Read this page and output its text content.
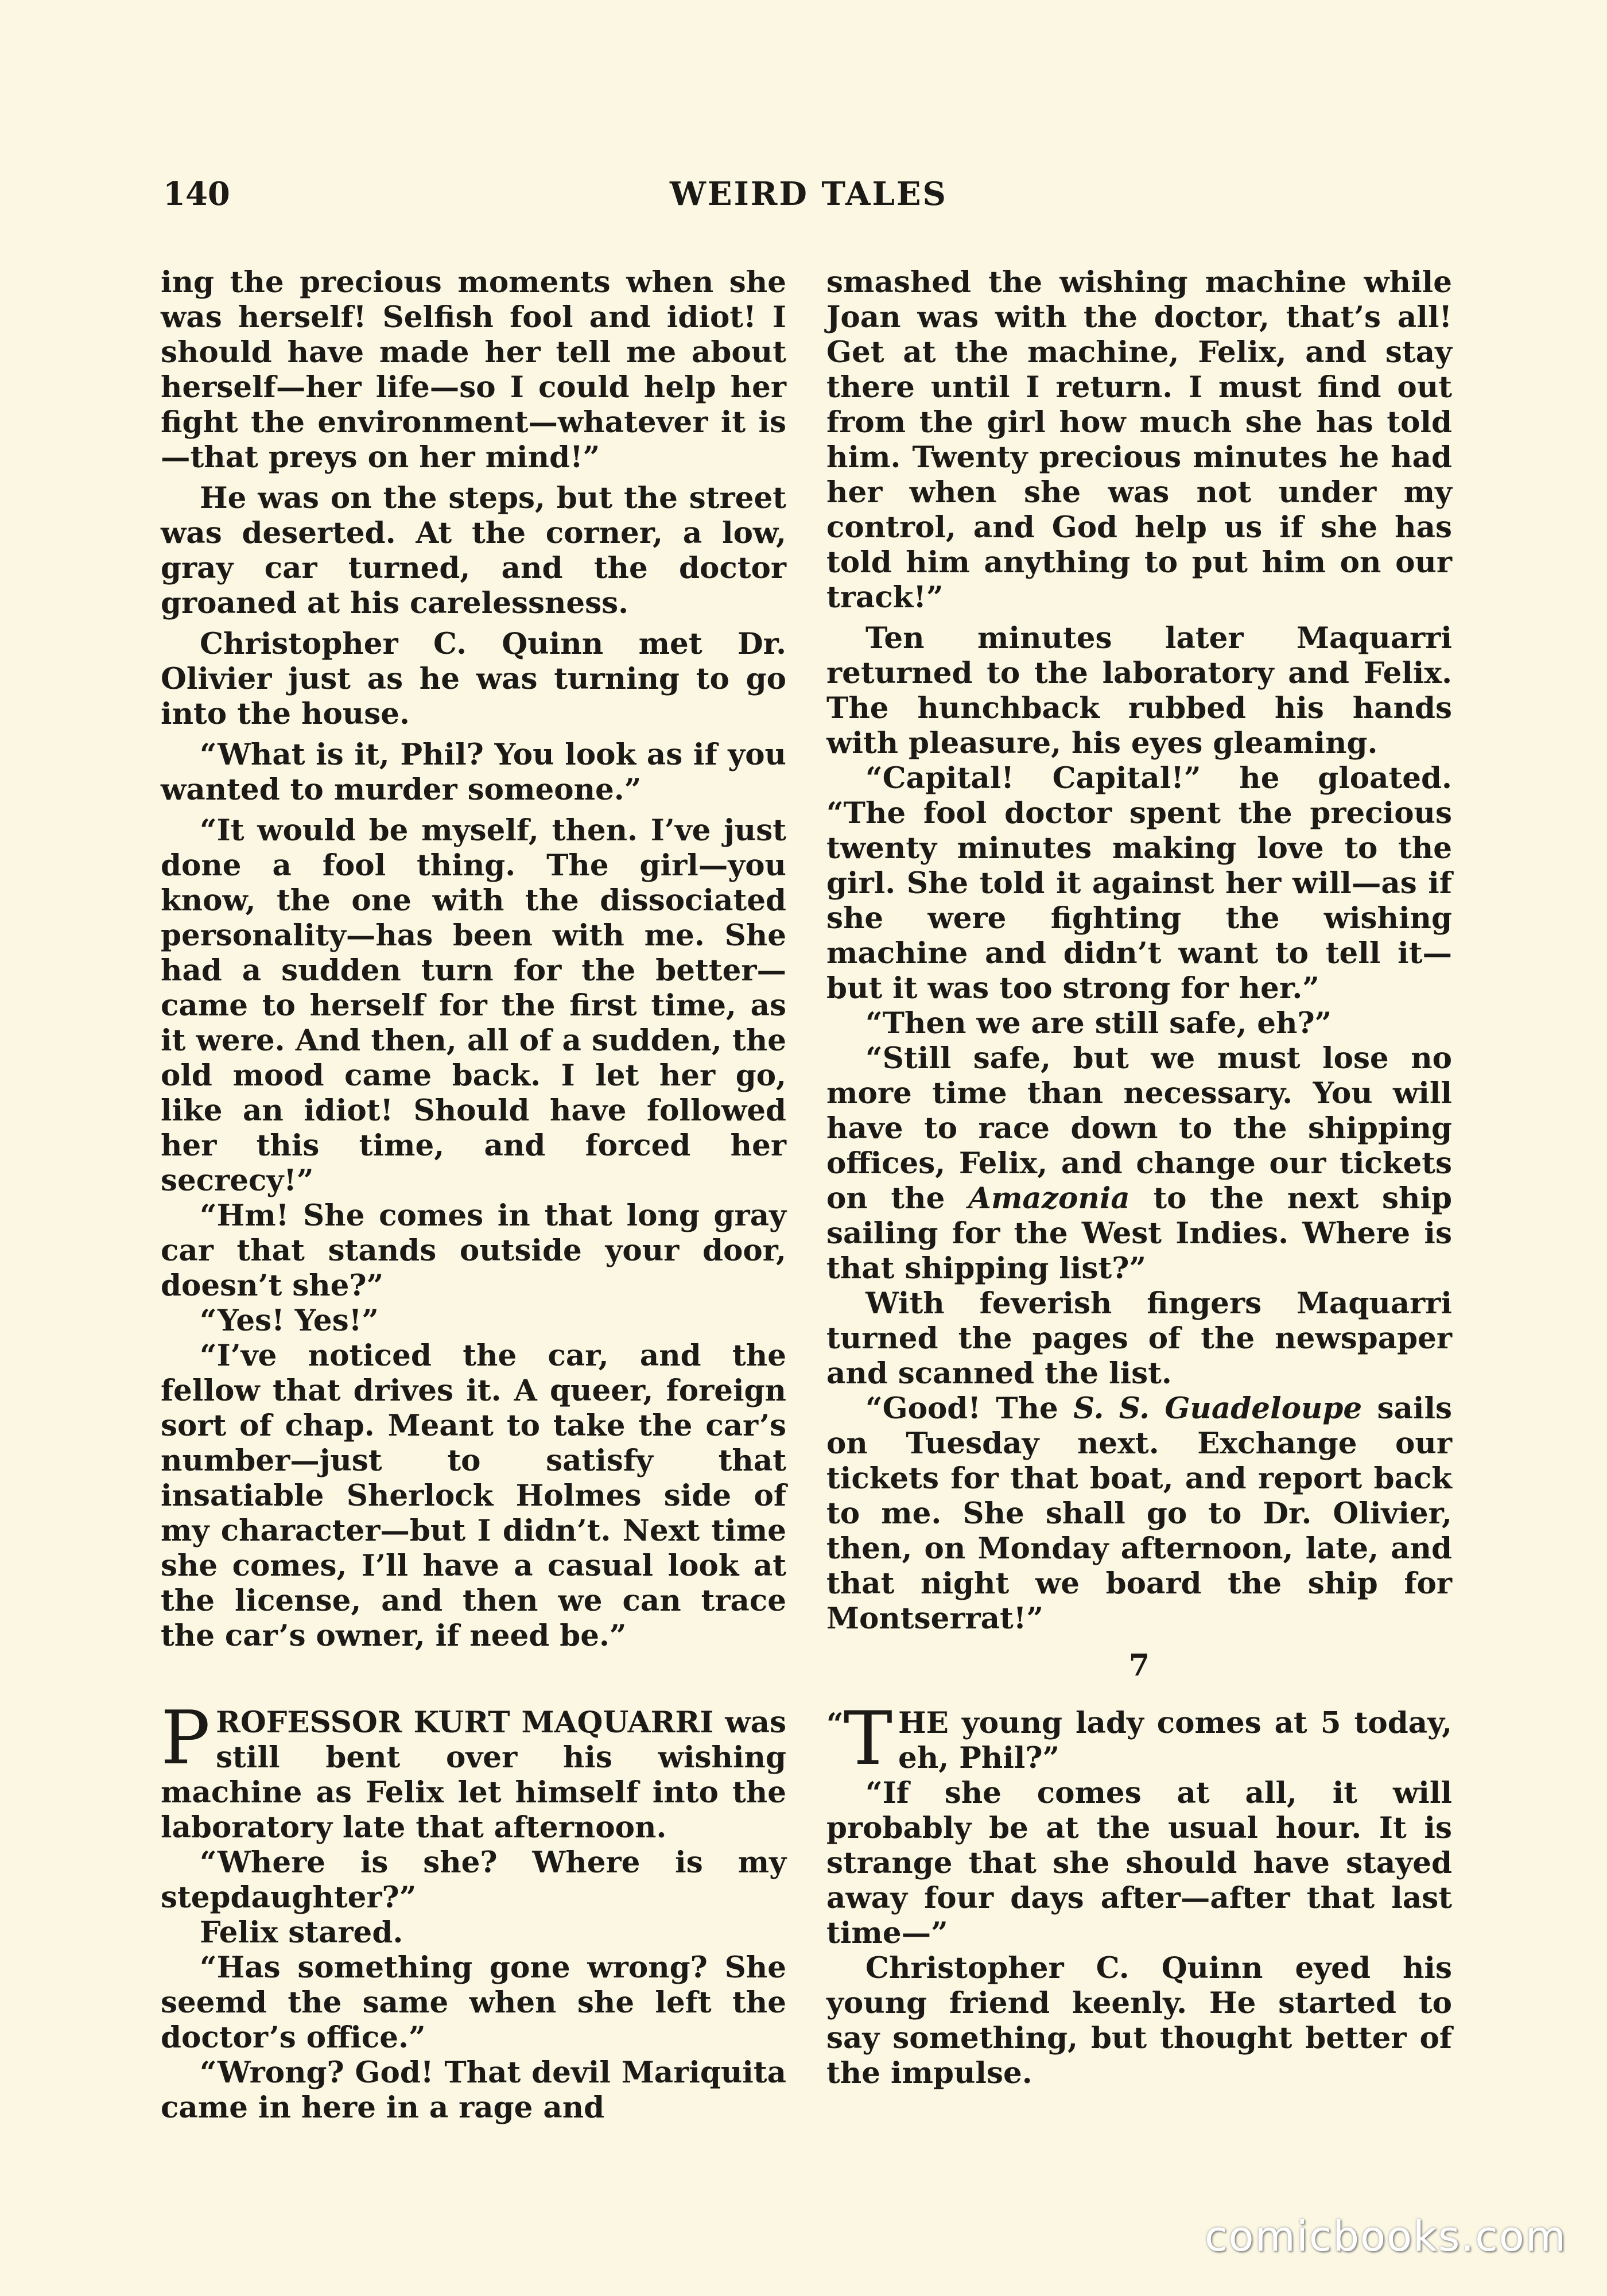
140	WEIRD TALES

ing the precious moments when she was herself! Selfish fool and idiot! I should have made her tell me about herself—her life—so I could help her fight the environment—whatever it is —that preys on her mind!”

He was on the steps, but the street was deserted. At the corner, a low, gray car turned, and the doctor groaned at his carelessness.

Christopher C. Quinn met Dr. Olivier just as he was turning to go into the house.

“What is it, Phil? You look as if you wanted to murder someone.”

“It would be myself, then. I’ve just done a fool thing. The girl—you know, the one with the dissociated personality—has been with me. She had a sudden turn for the better—came to herself for the first time, as it were. And then, all of a sudden, the old mood came back. I let her go, like an idiot! Should have followed her this time, and forced her secrecy!”

“Hm! She comes in that long gray car that stands outside your door, doesn’t she?”

“Yes! Yes!”

“I’ve noticed the car, and the fellow that drives it. A queer, foreign sort of chap. Meant to take the car’s number—just to satisfy that insatiable Sherlock Holmes side of my character—but I didn’t. Next time she comes, I’ll have a casual look at the license, and then we can trace the car’s owner, if need be.”

PROFESSOR KURT MAQUARRI was still bent over his wishing machine as Felix let himself into the laboratory late that afternoon.

“Where is she? Where is my stepdaughter?”

Felix stared.

“Has something gone wrong? She seemd the same when she left the doctor’s office.”

“Wrong? God! That devil Mariquita came in here in a rage and

smashed the wishing machine while Joan was with the doctor, that’s all! Get at the machine, Felix, and stay there until I return. I must find out from the girl how much she has told him. Twenty precious minutes he had her when she was not under my control, and God help us if she has told him anything to put him on our track!”

Ten minutes later Maquarri returned to the laboratory and Felix. The hunchback rubbed his hands with pleasure, his eyes gleaming.

“Capital! Capital!” he gloated. “The fool doctor spent the precious twenty minutes making love to the girl. She told it against her will—as if she were fighting the wishing machine and didn’t want to tell it—but it was too strong for her.”

“Then we are still safe, eh?”

“Still safe, but we must lose no more time than necessary. You will have to race down to the shipping offices, Felix, and change our tickets on the Amazonia to the next ship sailing for the West Indies. Where is that shipping list?”

With feverish fingers Maquarri turned the pages of the newspaper and scanned the list.

“Good! The S. S. Guadeloupe sails on Tuesday next. Exchange our tickets for that boat, and report back to me. She shall go to Dr. Olivier, then, on Monday afternoon, late, and that night we board the ship for Montserrat!”

7

“ T HE young lady comes at 5 today, eh, Phil?”

“If she comes at all, it will probably be at the usual hour. It is strange that she should have stayed away four days after—after that last time—”

Christopher C. Quinn eyed his young friend keenly. He started to say something, but thought better of the impulse.

comicbooks.com
